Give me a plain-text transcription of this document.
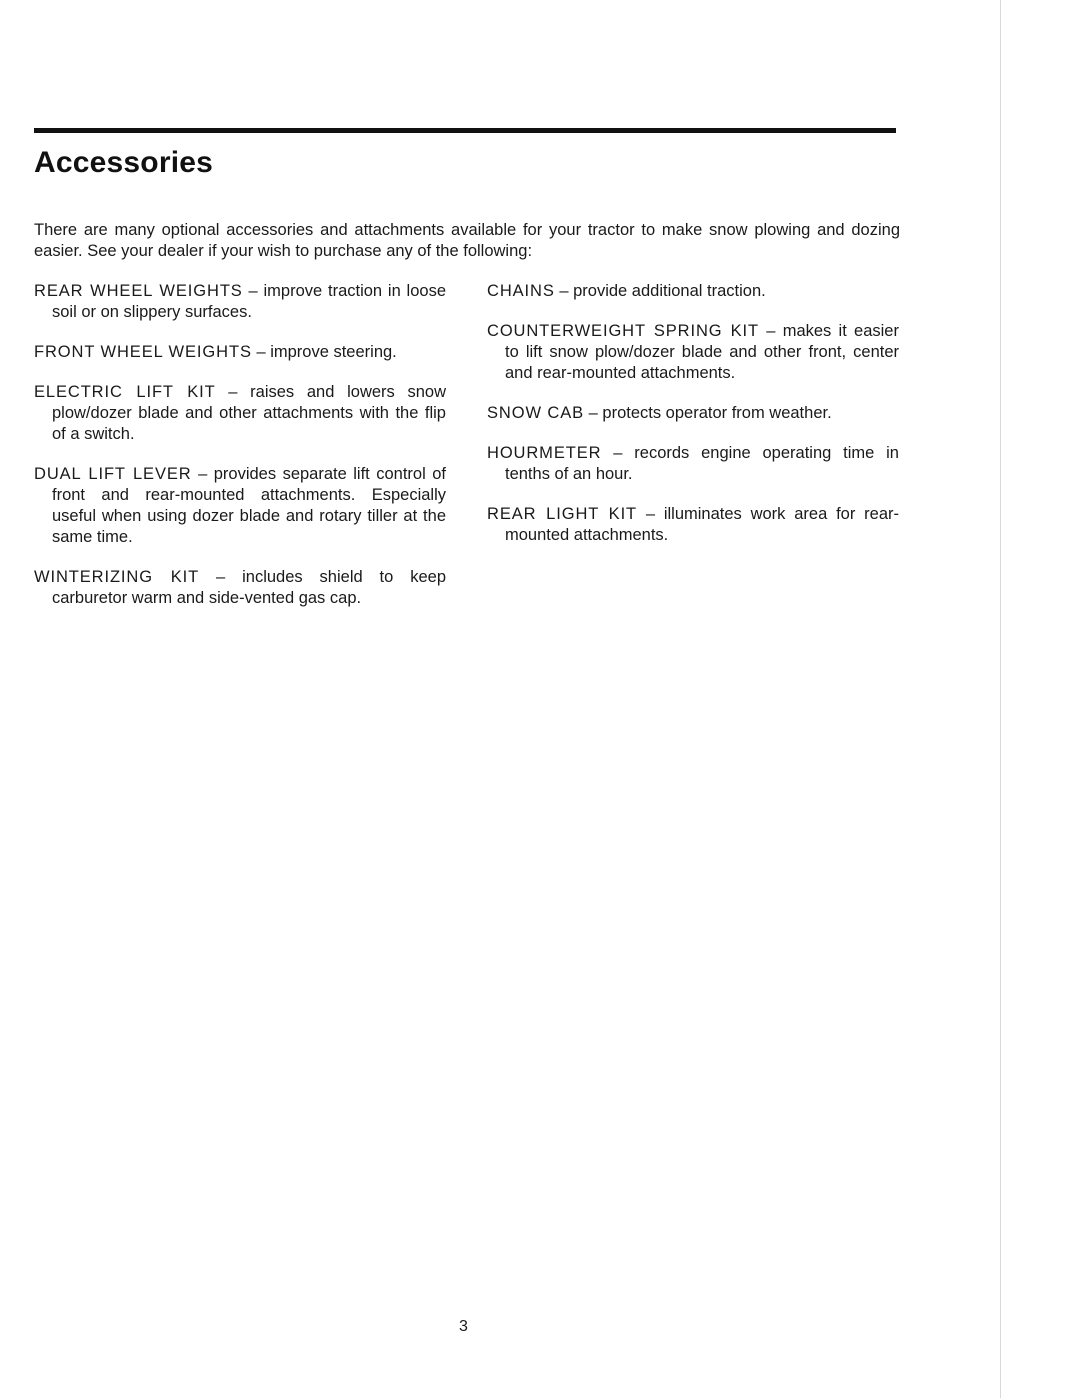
Accessories

There are many optional accessories and attachments available for your tractor to make snow plowing and dozing easier. See your dealer if your wish to purchase any of the following:

REAR WHEEL WEIGHTS – improve traction in loose soil or on slippery surfaces.

FRONT WHEEL WEIGHTS – improve steering.

ELECTRIC LIFT KIT – raises and lowers snow plow/dozer blade and other attachments with the flip of a switch.

DUAL LIFT LEVER – provides separate lift control of front and rear-mounted attachments. Especially useful when using dozer blade and rotary tiller at the same time.

WINTERIZING KIT – includes shield to keep carburetor warm and side-vented gas cap.

CHAINS – provide additional traction.

COUNTERWEIGHT SPRING KIT – makes it easier to lift snow plow/dozer blade and other front, center and rear-mounted attachments.

SNOW CAB – protects operator from weather.

HOURMETER – records engine operating time in tenths of an hour.

REAR LIGHT KIT – illuminates work area for rear-mounted attachments.

3
